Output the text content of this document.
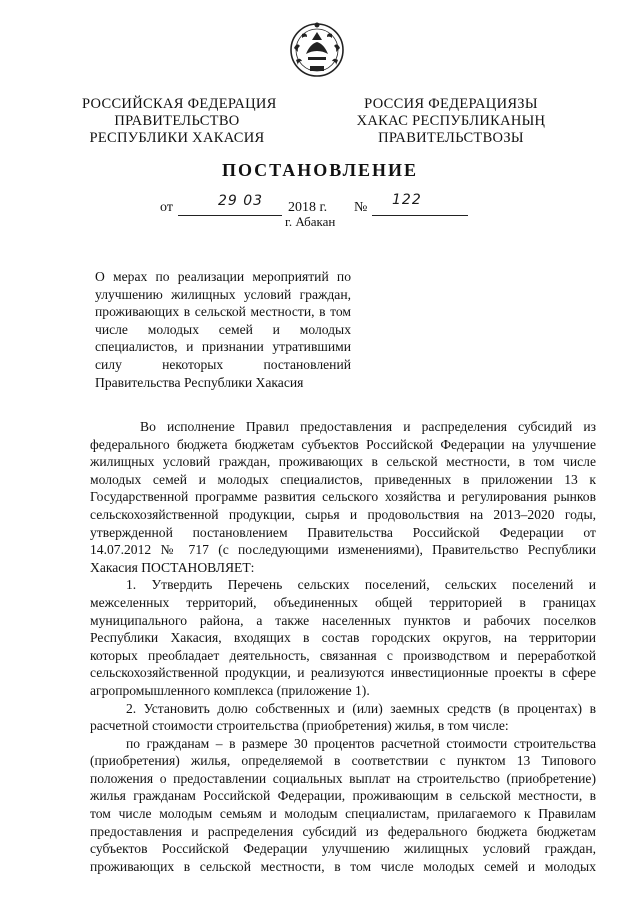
РОССИЙСКАЯ ФЕДЕРАЦИЯ
ПРАВИТЕЛЬСТВО
РЕСПУБЛИКИ ХАКАСИЯ
РОССИЯ ФЕДЕРАЦИЯЗЫ
ХАКАС РЕСПУБЛИКАНЫҢ
ПРАВИТЕЛЬСТВОЗЫ
ПОСТАНОВЛЕНИЕ
от	29 03 2018 г. № 122
г. Абакан
О мерах по реализации мероприятий по
улучшению жилищных условий граждан,
проживающих в сельской местности, в том
числе молодых семей и молодых
специалистов, и признании утратившими
силу некоторых постановлений
Правительства Республики Хакасия
Во исполнение Правил предоставления и распределения субсидий из
федерального бюджета бюджетам субъектов Российской Федерации на улучшение
жилищных условий граждан, проживающих в сельской местности, в том числе
молодых семей и молодых специалистов, приведенных в приложении 13 к
Государственной программе развития сельского хозяйства и регулирования рынков
сельскохозяйственной продукции, сырья и продовольствия на 2013–2020 годы,
утвержденной постановлением Правительства Российской Федерации от
14.07.2012 № 717 (с последующими изменениями), Правительство Республики
Хакасия ПОСТАНОВЛЯЕТ:
1. Утвердить Перечень сельских поселений, сельских поселений и
межселенных территорий, объединенных общей территорией в границах
муниципального района, а также населенных пунктов и рабочих поселков
Республики Хакасия, входящих в состав городских округов, на территории
которых преобладает деятельность, связанная с производством и переработкой
сельскохозяйственной продукции, и реализуются инвестиционные проекты в сфере
агропромышленного комплекса (приложение 1).
2. Установить долю собственных и (или) заемных средств (в процентах) в
расчетной стоимости строительства (приобретения) жилья, в том числе:
по гражданам – в размере 30 процентов расчетной стоимости строительства
(приобретения) жилья, определяемой в соответствии с пунктом 13 Типового
положения о предоставлении социальных выплат на строительство (приобретение)
жилья гражданам Российской Федерации, проживающим в сельской местности, в
том числе молодым семьям и молодым специалистам, прилагаемого к Правилам
предоставления и распределения субсидий из федерального бюджета бюджетам
субъектов Российской Федерации улучшению жилищных условий граждан,
проживающих в сельской местности, в том числе молодых семей и молодых
